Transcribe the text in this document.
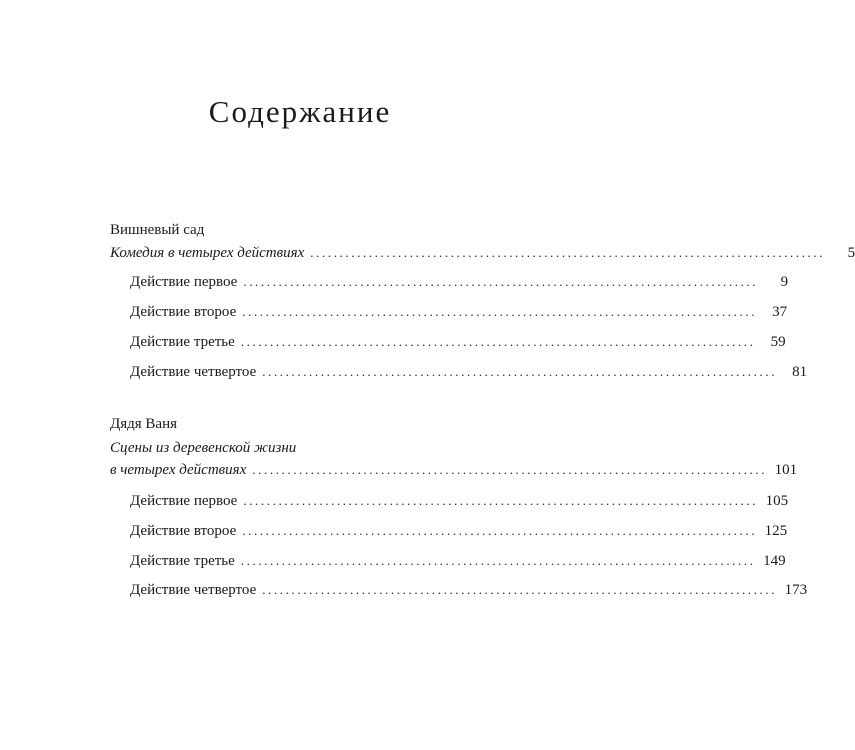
Содержание

Вишневый сад

Комедия в четырех действиях ........................................................................................	5
Действие первое ........................................................................................	9
Действие второе ........................................................................................	37
Действие третье ........................................................................................	59
Действие четвертое ........................................................................................	81

Дядя Ваня

Сцены из деревенской жизни

в четырех действиях ........................................................................................ 101
Действие первое ........................................................................................ 105
Действие второе ........................................................................................ 125
Действие третье ........................................................................................ 149
Действие четвертое ........................................................................................ 173
